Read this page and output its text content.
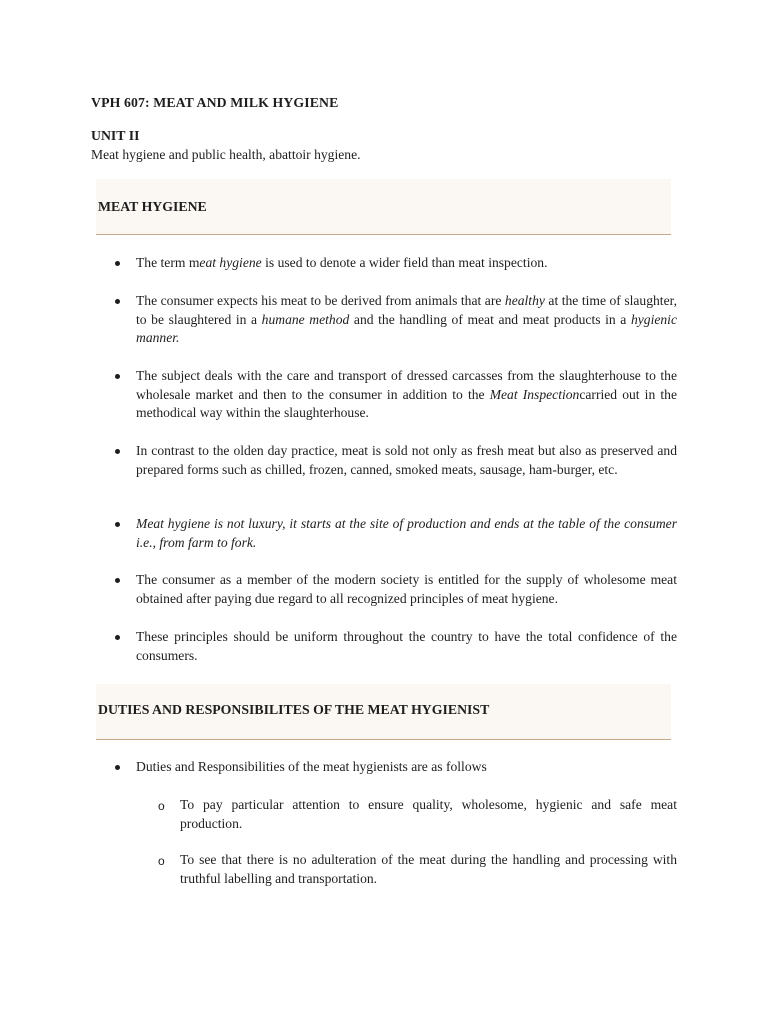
VPH 607: MEAT AND MILK HYGIENE
UNIT II
Meat hygiene and public health, abattoir hygiene.
MEAT HYGIENE
The term meat hygiene is used to denote a wider field than meat inspection.
The consumer expects his meat to be derived from animals that are healthy at the time of slaughter, to be slaughtered in a humane method and the handling of meat and meat products in a hygienic manner.
The subject deals with the care and transport of dressed carcasses from the slaughterhouse to the wholesale market and then to the consumer in addition to the Meat Inspectioncarried out in the methodical way within the slaughterhouse.
In contrast to the olden day practice, meat is sold not only as fresh meat but also as preserved and prepared forms such as chilled, frozen, canned, smoked meats, sausage, ham-burger, etc.
Meat hygiene is not luxury, it starts at the site of production and ends at the table of the consumer i.e., from farm to fork.
The consumer as a member of the modern society is entitled for the supply of wholesome meat obtained after paying due regard to all recognized principles of meat hygiene.
These principles should be uniform throughout the country to have the total confidence of the consumers.
DUTIES AND RESPONSIBILITES OF THE MEAT HYGIENIST
Duties and Responsibilities of the meat hygienists are as follows
o To pay particular attention to ensure quality, wholesome, hygienic and safe meat production.
o To see that there is no adulteration of the meat during the handling and processing with truthful labelling and transportation.
